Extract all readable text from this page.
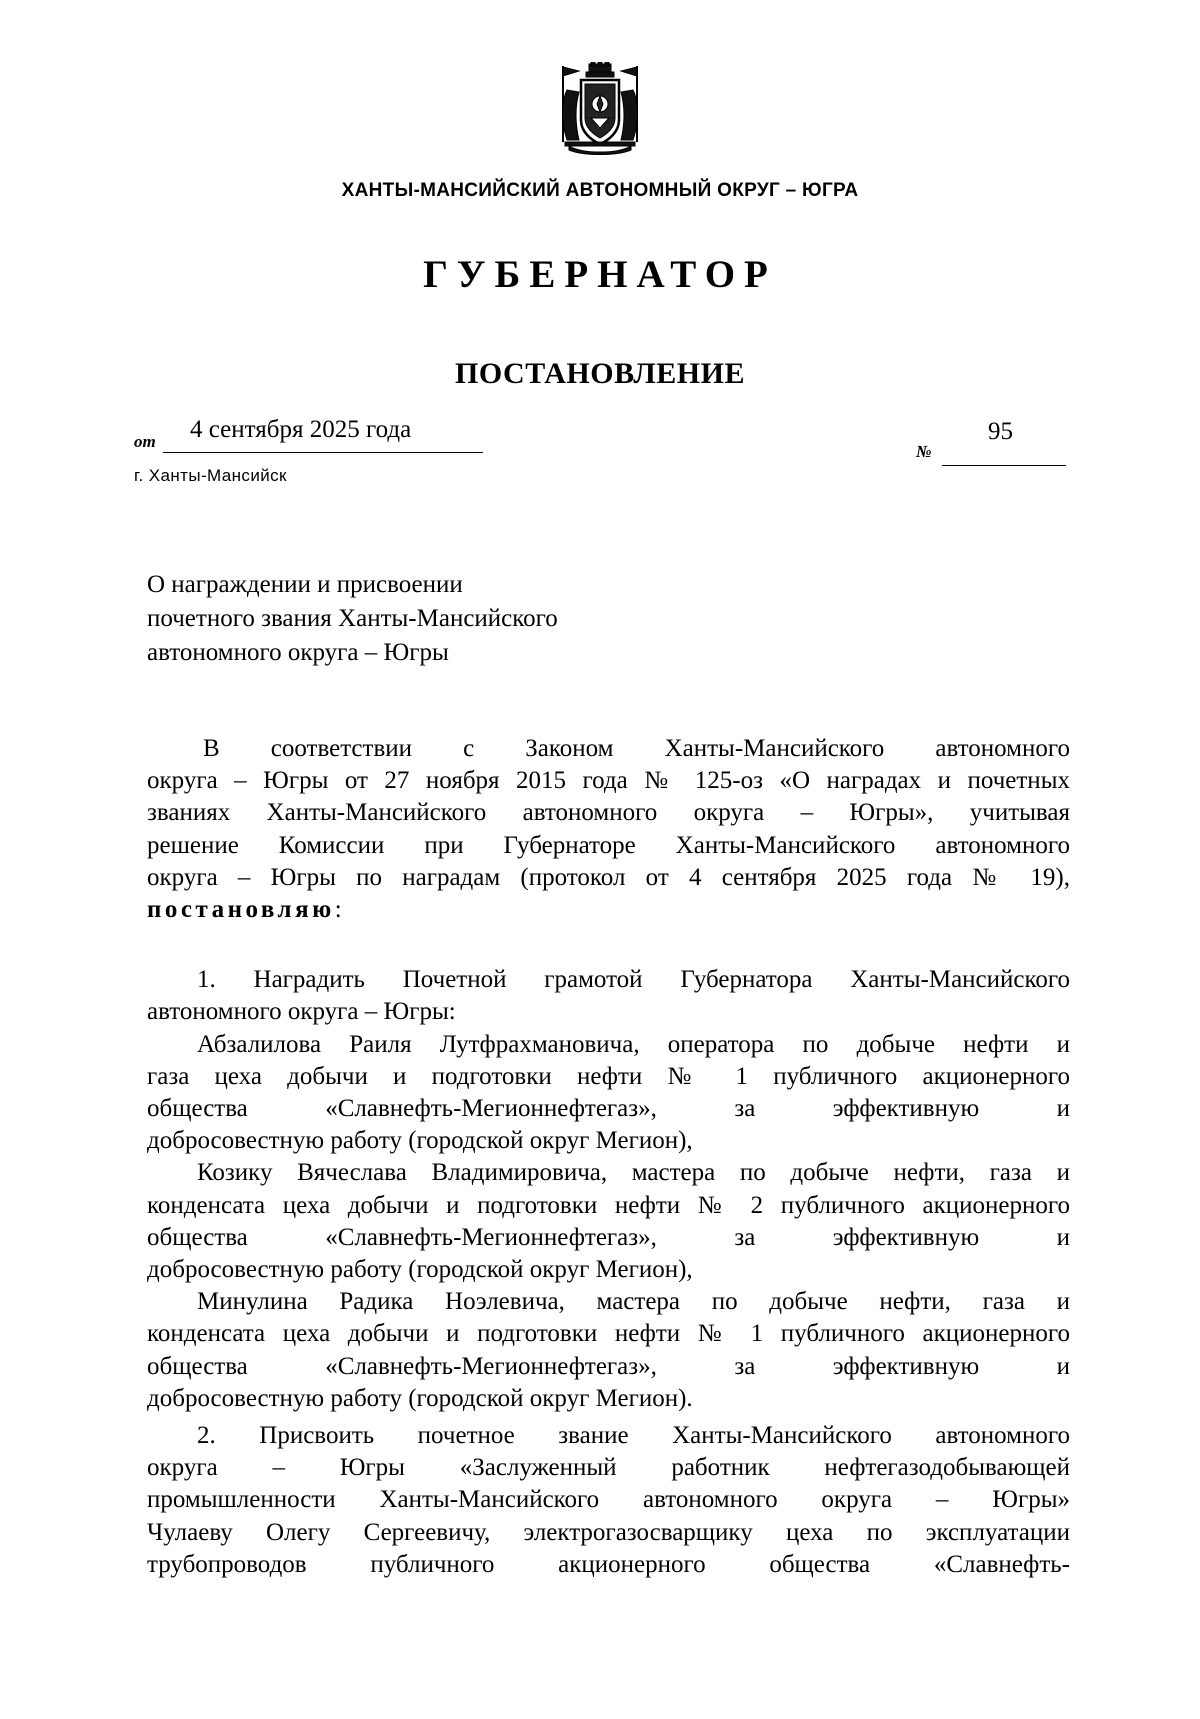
ХАНТЫ-МАНСИЙСКИЙ АВТОНОМНЫЙ ОКРУГ – ЮГРА
ГУБЕРНАТОР
ПОСТАНОВЛЕНИЕ
от 4 сентября 2025 года
№
95
г. Ханты-Мансийск
О награждении и присвоении
почетного звания Ханты-Мансийского
автономного округа – Югры
В соответствии с Законом Ханты-Мансийского автономного
округа – Югры от 27 ноября 2015 года № 125-оз «О наградах и почетных
званиях Ханты-Мансийского автономного округа – Югры», учитывая
решение Комиссии при Губернаторе Ханты-Мансийского автономного
округа – Югры по наградам (протокол от 4 сентября 2025 года № 19),
постановляю:
1. Наградить Почетной грамотой Губернатора Ханты-Мансийского
автономного округа – Югры:
Абзалилова Раиля Лутфрахмановича, оператора по добыче нефти и
газа цеха добычи и подготовки нефти № 1 публичного акционерного
общества «Славнефть-Мегионнефтегаз», за эффективную и
добросовестную работу (городской округ Мегион),
Козику Вячеслава Владимировича, мастера по добыче нефти, газа и
конденсата цеха добычи и подготовки нефти № 2 публичного акционерного
общества «Славнефть-Мегионнефтегаз», за эффективную и
добросовестную работу (городской округ Мегион),
Минулина Радика Ноэлевича, мастера по добыче нефти, газа и
конденсата цеха добычи и подготовки нефти № 1 публичного акционерного
общества «Славнефть-Мегионнефтегаз», за эффективную и
добросовестную работу (городской округ Мегион).
2. Присвоить почетное звание Ханты-Мансийского автономного
округа – Югры «Заслуженный работник нефтегазодобывающей
промышленности Ханты-Мансийского автономного округа – Югры»
Чулаеву Олегу Сергеевичу, электрогазосварщику цеха по эксплуатации
трубопроводов публичного акционерного общества «Славнефть-
